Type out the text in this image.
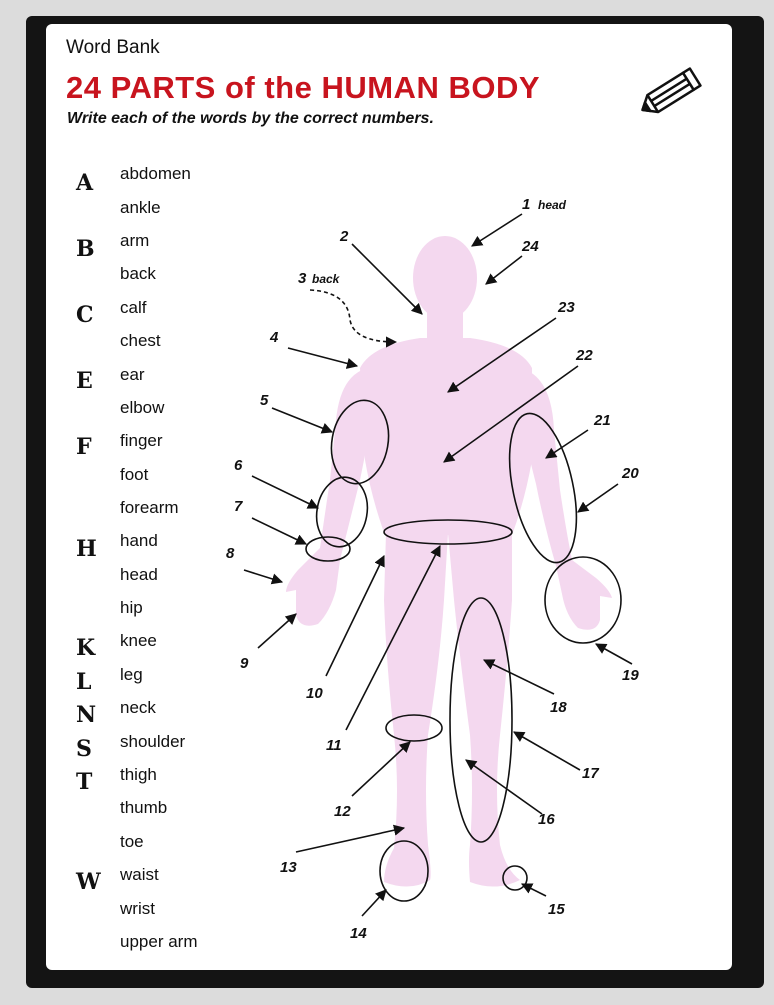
Word Bank
24 PARTS of the HUMAN BODY
Write each of the words by the correct numbers.
A
B
C
E
F
H
K
L
N
S
T
W
abdomen
ankle
arm
back
calf
chest
ear
elbow
finger
foot
forearm
hand
head
hip
knee
leg
neck
shoulder
thigh
thumb
toe
waist
wrist
upper arm
1 head
2
3 back
4
5
6
7
8
9
10
11
12
13
14
15
16
17
18
19
20
21
22
23
24
